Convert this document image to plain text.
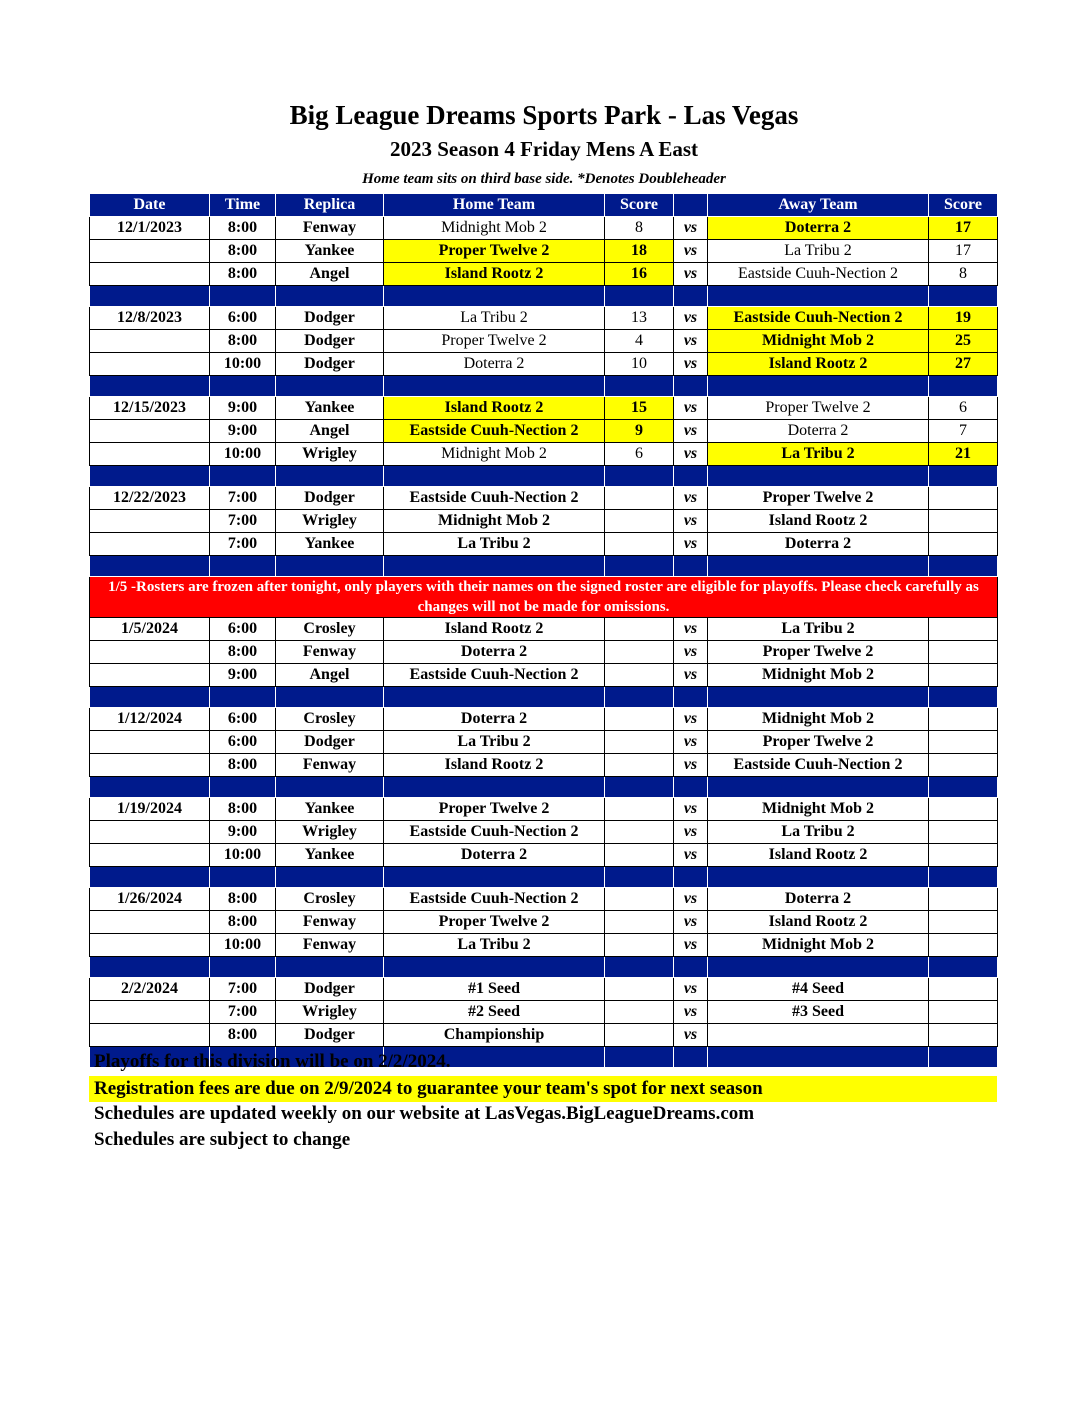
Big League Dreams Sports Park - Las Vegas
2023 Season 4 Friday Mens A East
Home team sits on third base side. *Denotes Doubleheader
Date	Time	Replica	Home Team	Score		Away Team	Score
12/1/2023	8:00	Fenway	Midnight Mob 2	8	vs	Doterra 2	17
	8:00	Yankee	Proper Twelve 2	18	vs	La Tribu 2	17
	8:00	Angel	Island Rootz 2	16	vs	Eastside Cuuh-Nection 2	8

12/8/2023	6:00	Dodger	La Tribu 2	13	vs	Eastside Cuuh-Nection 2	19
	8:00	Dodger	Proper Twelve 2	4	vs	Midnight Mob 2	25
	10:00	Dodger	Doterra 2	10	vs	Island Rootz 2	27

12/15/2023	9:00	Yankee	Island Rootz 2	15	vs	Proper Twelve 2	6
	9:00	Angel	Eastside Cuuh-Nection 2	9	vs	Doterra 2	7
	10:00	Wrigley	Midnight Mob 2	6	vs	La Tribu 2	21

12/22/2023	7:00	Dodger	Eastside Cuuh-Nection 2		vs	Proper Twelve 2	
	7:00	Wrigley	Midnight Mob 2		vs	Island Rootz 2	
	7:00	Yankee	La Tribu 2		vs	Doterra 2	

1/5 -Rosters are frozen after tonight, only players with their names on the signed roster are eligible for playoffs. Please check carefully as changes will not be made for omissions.							
1/5/2024	6:00	Crosley	Island Rootz 2		vs	La Tribu 2	
	8:00	Fenway	Doterra 2		vs	Proper Twelve 2	
	9:00	Angel	Eastside Cuuh-Nection 2		vs	Midnight Mob 2	

1/12/2024	6:00	Crosley	Doterra 2		vs	Midnight Mob 2	
	6:00	Dodger	La Tribu 2		vs	Proper Twelve 2	
	8:00	Fenway	Island Rootz 2		vs	Eastside Cuuh-Nection 2	

1/19/2024	8:00	Yankee	Proper Twelve 2		vs	Midnight Mob 2	
	9:00	Wrigley	Eastside Cuuh-Nection 2		vs	La Tribu 2	
	10:00	Yankee	Doterra 2		vs	Island Rootz 2	

1/26/2024	8:00	Crosley	Eastside Cuuh-Nection 2		vs	Doterra 2	
	8:00	Fenway	Proper Twelve 2		vs	Island Rootz 2	
	10:00	Fenway	La Tribu 2		vs	Midnight Mob 2	

2/2/2024	7:00	Dodger	#1 Seed		vs	#4 Seed	
	7:00	Wrigley	#2 Seed		vs	#3 Seed	
	8:00	Dodger	Championship		vs		

Playoffs for this division will be on 2/2/2024.
Registration fees are due on 2/9/2024 to guarantee your team's spot for next season
Schedules are updated weekly on our website at LasVegas.BigLeagueDreams.com
Schedules are subject to change
